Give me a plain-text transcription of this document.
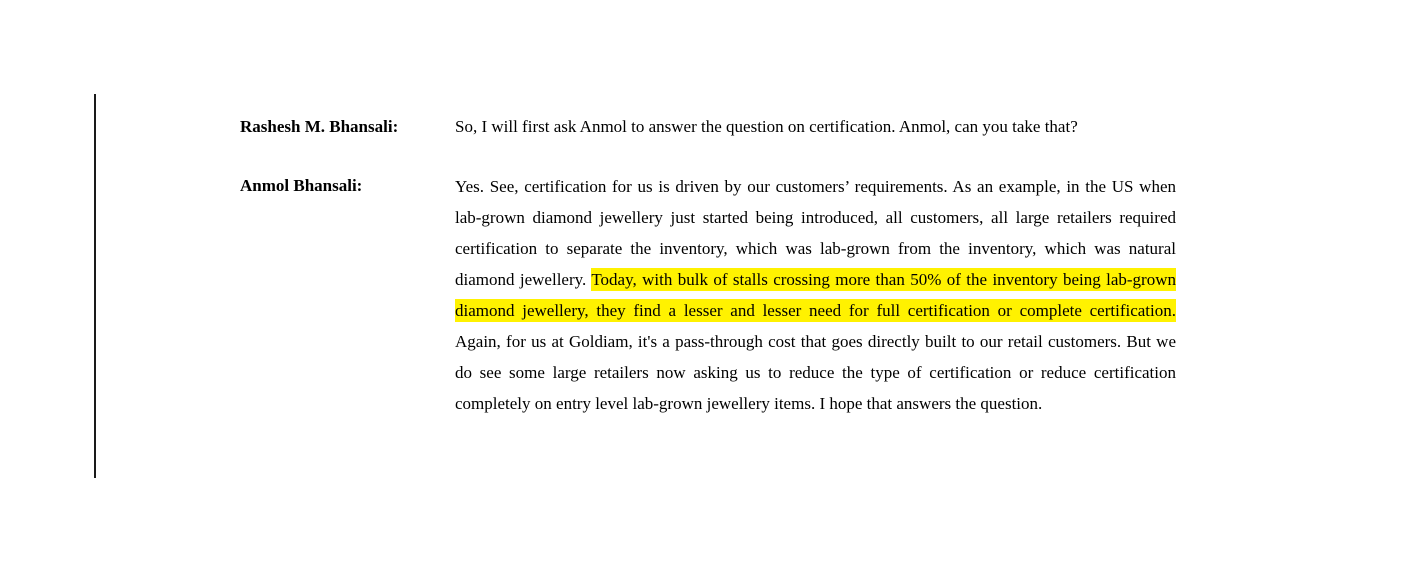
Rashesh M. Bhansali:	So, I will first ask Anmol to answer the question on certification. Anmol, can you take that?

Anmol Bhansali:	Yes. See, certification for us is driven by our customers’ requirements. As an example, in the US when lab-grown diamond jewellery just started being introduced, all customers, all large retailers required certification to separate the inventory, which was lab-grown from the inventory, which was natural diamond jewellery. Today, with bulk of stalls crossing more than 50% of the inventory being lab-grown diamond jewellery, they find a lesser and lesser need for full certification or complete certification. Again, for us at Goldiam, it's a pass-through cost that goes directly built to our retail customers. But we do see some large retailers now asking us to reduce the type of certification or reduce certification completely on entry level lab-grown jewellery items. I hope that answers the question.
